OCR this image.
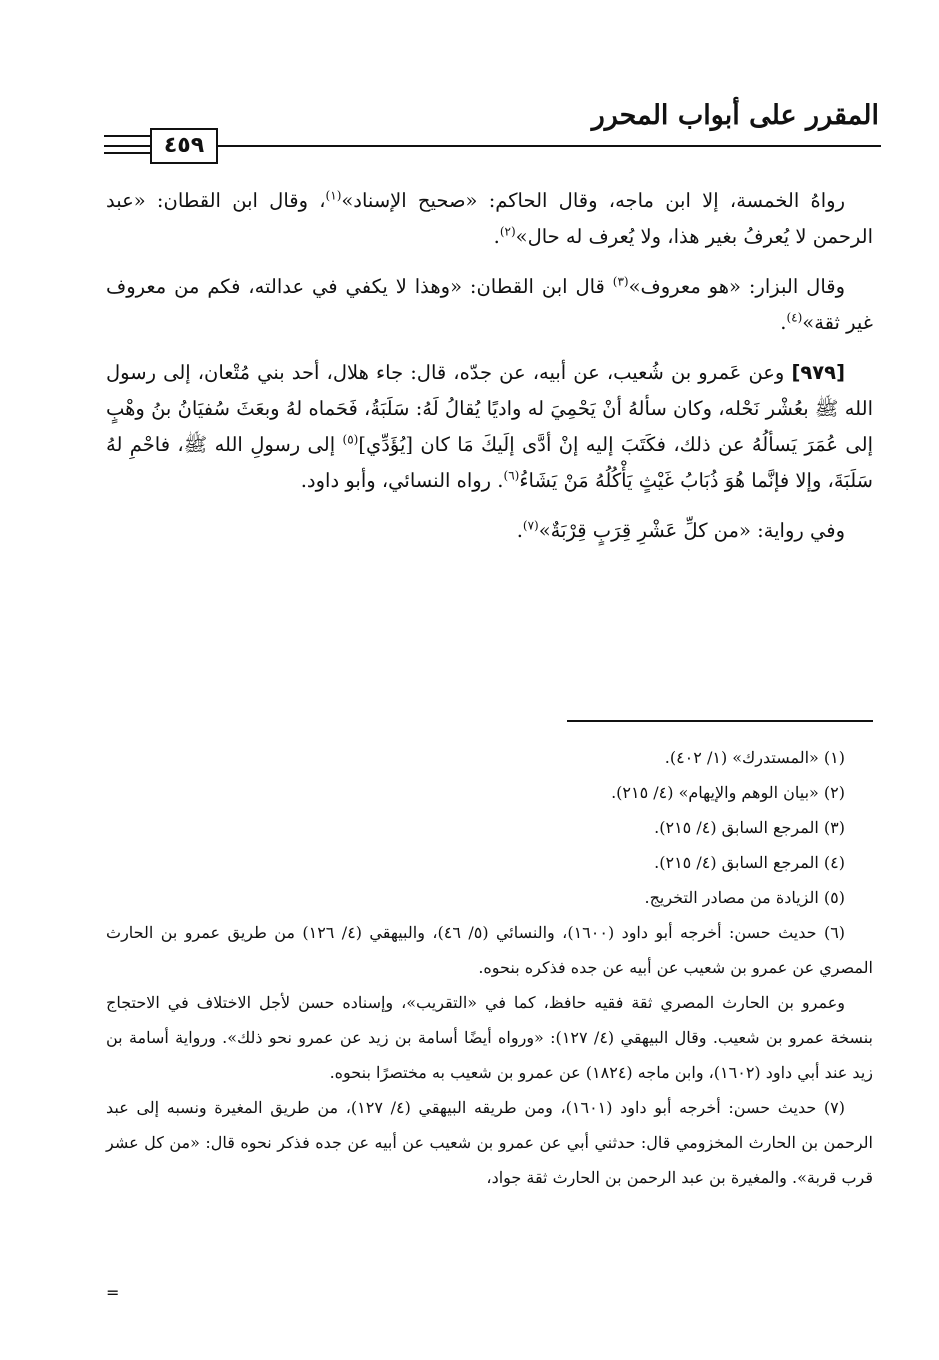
المقرر على أبواب المحرر
٤٥٩

رواهُ الخمسة، إلا ابن ماجه، وقال الحاكم: «صحيح الإسناد»$^{(١)}$، وقال ابن القطان: «عبد الرحمن لا يُعرفُ بغير هذا، ولا يُعرف له حال»$^{(٢)}$.

وقال البزار: «هو معروف»$^{(٣)}$ قال ابن القطان: «وهذا لا يكفي في عدالته، فكم من معروف غير ثقة»$^{(٤)}$.

[٩٧٩] وعن عَمرو بن شُعيب، عن أبيه، عن جدّه، قال: جاء هلال، أحد بني مُتْعان، إلى رسول الله ﷺ بعُشْر نَحْله، وكان سألهُ أنْ يَحْمِيَ له واديًا يُقالُ لَهُ: سَلَبَةُ، فَحَماه لهُ وبعَثَ سُفيَانُ بنُ وهْبٍ إلى عُمَرَ يَسألُهُ عن ذلك، فكَتَبَ إليه إنْ أدَّى إلَيكَ مَا كان [يُؤَدِّي]$^{(٥)}$ إلى رسولِ الله ﷺ، فاحْمِ لهُ سَلَبَةَ، وإلا فإنَّما هُوَ ذُبَابُ غَيْثٍ يَأْكُلُهُ مَنْ يَشَاءُ$^{(٦)}$. رواه النسائي، وأبو داود.

وفي رواية: «من كلِّ عَشْرِ قِرَبٍ قِرْبَةٌ»$^{(٧)}$.

(١) «المستدرك» (١/ ٤٠٢).

(٢) «بيان الوهم والإيهام» (٤/ ٢١٥).

(٣) المرجع السابق (٤/ ٢١٥).

(٤) المرجع السابق (٤/ ٢١٥).

(٥) الزيادة من مصادر التخريج.

(٦) حديث حسن: أخرجه أبو داود (١٦٠٠)، والنسائي (٥/ ٤٦)، والبيهقي (٤/ ١٢٦) من طريق عمرو بن الحارث المصري عن عمرو بن شعيب عن أبيه عن جده فذكره بنحوه.

وعمرو بن الحارث المصري ثقة فقيه حافظ، كما في «التقريب»، وإسناده حسن لأجل الاختلاف في الاحتجاج بنسخة عمرو بن شعيب. وقال البيهقي (٤/ ١٢٧): «ورواه أيضًا أسامة بن زيد عن عمرو نحو ذلك». ورواية أسامة بن زيد عند أبي داود (١٦٠٢)، وابن ماجه (١٨٢٤) عن عمرو بن شعيب به مختصرًا بنحوه.

(٧) حديث حسن: أخرجه أبو داود (١٦٠١)، ومن طريقه البيهقي (٤/ ١٢٧)، من طريق المغيرة ونسبه إلى عبد الرحمن بن الحارث المخزومي قال: حدثني أبي عن عمرو بن شعيب عن أبيه عن جده فذكر نحوه قال: «من كل عشر قرب قربة». والمغيرة بن عبد الرحمن بن الحارث ثقة جواد،

=
